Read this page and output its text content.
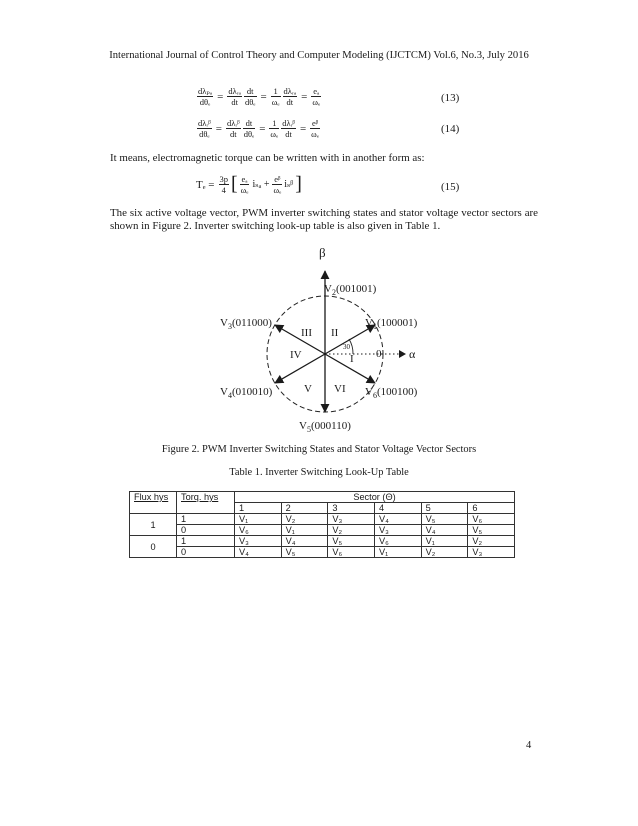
International Journal of Control Theory and Computer Modeling (IJCTCM) Vol.6, No.3, July 2016
$\frac{\text{dλₚₐ}}{\text{dθₑ}} = \frac{\text{dλᵣₐ}}{dt} \frac{dt}{\text{dθₑ}} = \frac{1}{\text{ωₑ}} \frac{\text{dλᵣₐ}}{dt} = \frac{\text{eₐ}}{\text{ωₑ}}$	(13)
$\frac{\text{dλᵣᵝ}}{\text{dθₑ}} = \frac{\text{dλᵣᵝ}}{dt} \frac{dt}{\text{dθₑ}} = \frac{1}{\text{ωₑ}} \frac{\text{dλᵣᵝ}}{dt} = \frac{\text{eᵝ}}{\text{ωₑ}}$	(14)
It means, electromagnetic torque can be written with in another form as:
$T_e = \frac{3p}{4}$ [ $\frac{\text{eₐ}}{\text{ωₑ}}$ $i_{sa} + \frac{\text{eᵝ}}{\text{ωₑ}}$ iₛᵝ ]	(15)
The six active voltage vector, PWM inverter switching states and stator voltage vector sectors are shown in Figure 2. Inverter switching look-up table is also given in Table 1.
30
β
α
0
$V_2(001001)$
$V_1(100001)$
$V_3(011000)$
$V_4(010010)$	$V_6(100100)$
$V_5(000110)$
I
II
III
IV
V VI
Figure 2. PWM Inverter Switching States and Stator Voltage Vector Sectors
Table 1. Inverter Switching Look-Up Table
Flux hys	Torq. hys	Sector (Θ)					
		1	2	3	4	5	6
1	1	V₁	V₂	V₃	V₄	V₅	V₆
	0	V₆	V₁	V₂	V₃	V₄	V₅
0	1	V₃	V₄	V₅	V₆	V₁	V₂
	0	V₄	V₅	V₆	V₁	V₂	V₃
4
